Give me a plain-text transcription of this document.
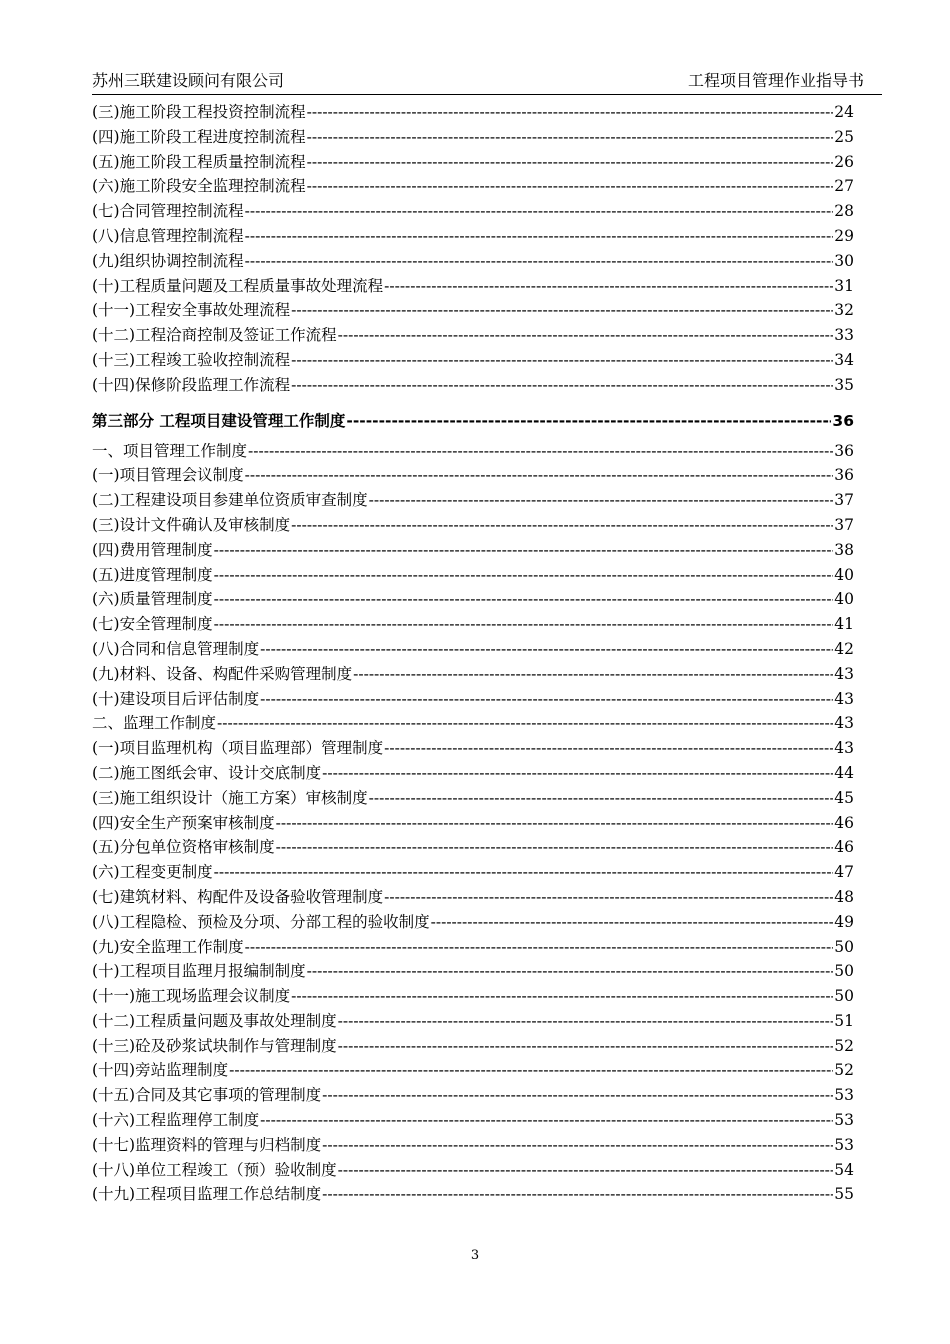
苏州三联建设顾问有限公司	工程项目管理作业指导书
(三)施工阶段工程投资控制流程 -----	24
(四)施工阶段工程进度控制流程 -----	25
(五)施工阶段工程质量控制流程 -----	26
(六)施工阶段安全监理控制流程 -----	27
(七)合同管理控制流程 -----	28
(八)信息管理控制流程 -----	29
(九)组织协调控制流程 -----	30
(十)工程质量问题及工程质量事故处理流程 -----	31
(十一)工程安全事故处理流程 -----	32
(十二)工程洽商控制及签证工作流程 -----	33
(十三)工程竣工验收控制流程 -----	34
(十四)保修阶段监理工作流程 -----	35
第三部分 工程项目建设管理工作制度 -----	36
一、项目管理工作制度 -----	36
(一)项目管理会议制度 -----	36
(二)工程建设项目参建单位资质审查制度 -----	37
(三)设计文件确认及审核制度 -----	37
(四)费用管理制度 -----	38
(五)进度管理制度 -----	40
(六)质量管理制度 -----	40
(七)安全管理制度 -----	41
(八)合同和信息管理制度 -----	42
(九)材料、设备、构配件采购管理制度 -----	43
(十)建设项目后评估制度 -----	43
二、监理工作制度 -----	43
(一)项目监理机构（项目监理部）管理制度 -----	43
(二)施工图纸会审、设计交底制度 -----	44
(三)施工组织设计（施工方案）审核制度 -----	45
(四)安全生产预案审核制度 -----	46
(五)分包单位资格审核制度 -----	46
(六)工程变更制度 -----	47
(七)建筑材料、构配件及设备验收管理制度 -----	48
(八)工程隐检、预检及分项、分部工程的验收制度 -----	49
(九)安全监理工作制度 -----	50
(十)工程项目监理月报编制制度 -----	50
(十一)施工现场监理会议制度 -----	50
(十二)工程质量问题及事故处理制度 -----	51
(十三)砼及砂浆试块制作与管理制度 -----	52
(十四)旁站监理制度 -----	52
(十五)合同及其它事项的管理制度 -----	53
(十六)工程监理停工制度 -----	53
(十七)监理资料的管理与归档制度 -----	53
(十八)单位工程竣工（预）验收制度 -----	54
(十九)工程项目监理工作总结制度 -----	55
3
